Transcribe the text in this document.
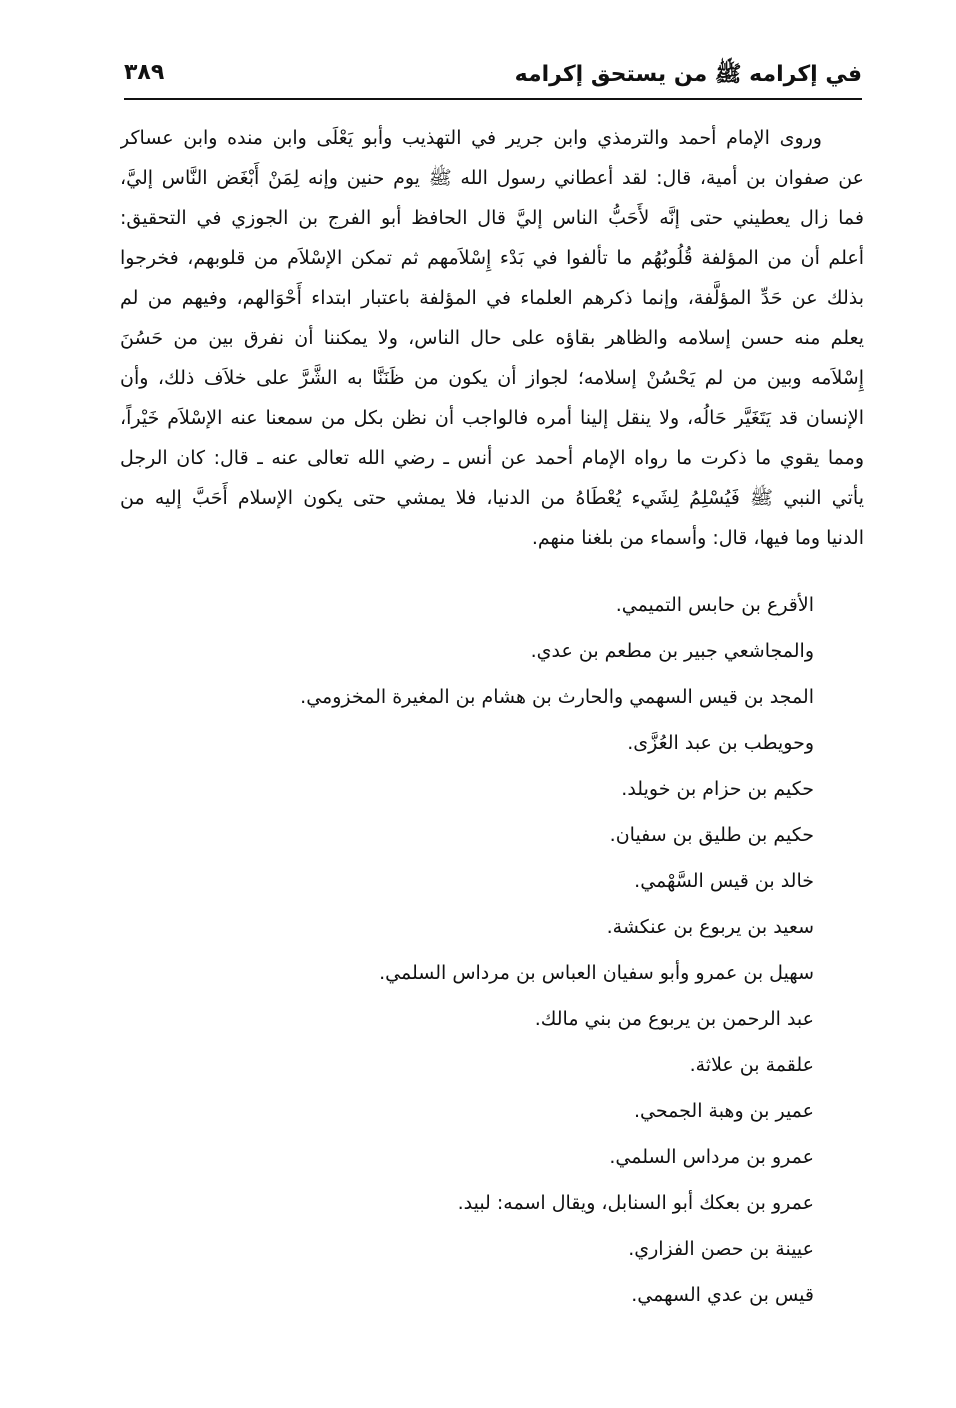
في إكرامه ﷺ من يستحق إكرامه
٣٨٩
وروى الإمام أحمد والترمذي وابن جرير في التهذيب وأبو يَعْلَى وابن منده وابن عساكر
عن صفوان بن أمية، قال: لقد أعطاني رسول الله ﷺ يوم حنين وإنه لِمَنْ أَبْغَض النَّاس إليَّ،
فما زال يعطيني حتى إنَّه لأَحَبُّ الناس إليَّ قال الحافظ أبو الفرج بن الجوزي في التحقيق:
أعلم أن من المؤلفة قُلُوبُهُم ما تألفوا في بَدْء إِسْلاَمهم ثم تمكن الإسْلاَم من قلوبهم، فخرجوا
بذلك عن حَدِّ المؤلَّفة، وإنما ذكرهم العلماء في المؤلفة باعتبار ابتداء أَحْوَالهم، وفيهم من لم
يعلم منه حسن إسلامه والظاهر بقاؤه على حال الناس، ولا يمكننا أن نفرق بين من حَسُنَ
إِسْلاَمه وبين من لم يَحْسُنْ إسلامه؛ لجواز أن يكون من ظَنَنَّا به الشَّرَّ على خلاَف ذلك، وأن
الإنسان قد يَتَغَيَّر حَالُه، ولا ينقل إلينا أمره فالواجب أن نظن بكل من سمعنا عنه الإسْلاَم خَيْراً،
ومما يقوي ما ذكرت ما رواه الإمام أحمد عن أنس ـ رضي الله تعالى عنه ـ قال: كان الرجل
يأتي النبي ﷺ فَيُسْلِمُ لِشَيء يُعْطَاهُ من الدنيا، فلا يمشي حتى يكون الإسلام أَحَبَّ إليه من
الدنيا وما فيها، قال: وأسماء من بلغنا منهم.
الأقرع بن حابس التميمي.
والمجاشعي جبير بن مطعم بن عدي.
المجد بن قيس السهمي والحارث بن هشام بن المغيرة المخزومي.
وحويطب بن عبد العُزَّى.
حكيم بن حزام بن خويلد.
حكيم بن طليق بن سفيان.
خالد بن قيس السَّهْمي.
سعيد بن يربوع بن عنكشة.
سهيل بن عمرو وأبو سفيان العباس بن مرداس السلمي.
عبد الرحمن بن يربوع من بني مالك.
علقمة بن علاثة.
عمير بن وهبة الجمحي.
عمرو بن مرداس السلمي.
عمرو بن بعكك أبو السنابل، ويقال اسمه: لبيد.
عيينة بن حصن الفزاري.
قيس بن عدي السهمي.
